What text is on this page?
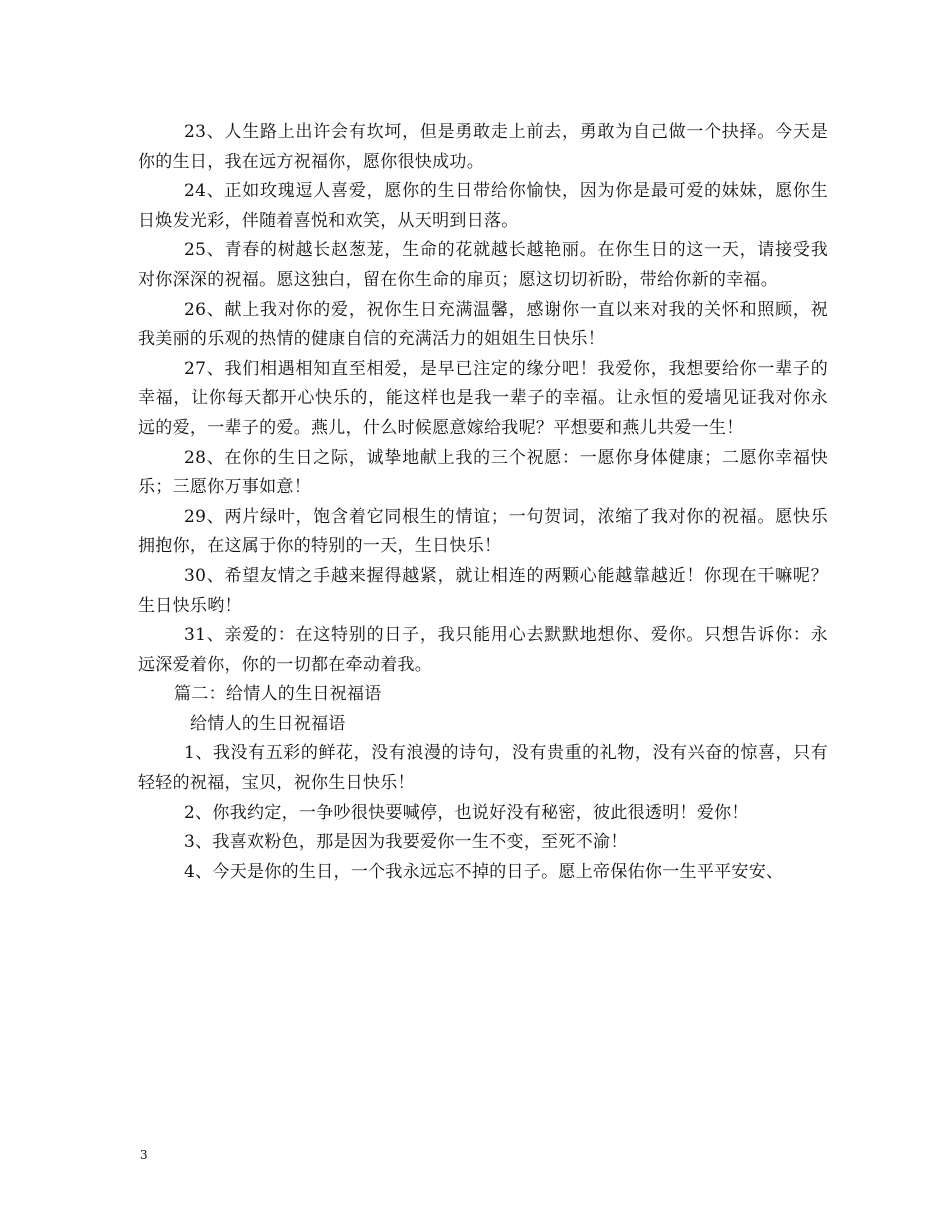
23、人生路上出许会有坎坷，但是勇敢走上前去，勇敢为自己做一个抉择。今天是你的生日，我在远方祝福你，愿你很快成功。

24、正如玫瑰逗人喜爱，愿你的生日带给你愉快，因为你是最可爱的妹妹，愿你生日焕发光彩，伴随着喜悦和欢笑，从天明到日落。

25、青春的树越长赵葱茏，生命的花就越长越艳丽。在你生日的这一天，请接受我对你深深的祝福。愿这独白，留在你生命的扉页；愿这切切祈盼，带给你新的幸福。

26、献上我对你的爱，祝你生日充满温馨，感谢你一直以来对我的关怀和照顾，祝我美丽的乐观的热情的健康自信的充满活力的姐姐生日快乐！

27、我们相遇相知直至相爱，是早已注定的缘分吧！我爱你，我想要给你一辈子的幸福，让你每天都开心快乐的，能这样也是我一辈子的幸福。让永恒的爱墙见证我对你永远的爱，一辈子的爱。燕儿，什么时候愿意嫁给我呢？平想要和燕儿共爱一生！

28、在你的生日之际，诚挚地献上我的三个祝愿：一愿你身体健康；二愿你幸福快乐；三愿你万事如意！

29、两片绿叶，饱含着它同根生的情谊；一句贺词，浓缩了我对你的祝福。愿快乐拥抱你，在这属于你的特别的一天，生日快乐！

30、希望友情之手越来握得越紧，就让相连的两颗心能越靠越近！你现在干嘛呢？生日快乐哟！

31、亲爱的：在这特别的日子，我只能用心去默默地想你、爱你。只想告诉你：永远深爱着你，你的一切都在牵动着我。

篇二：给情人的生日祝福语

给情人的生日祝福语

1、我没有五彩的鲜花，没有浪漫的诗句，没有贵重的礼物，没有兴奋的惊喜，只有轻轻的祝福，宝贝，祝你生日快乐！

2、你我约定，一争吵很快要喊停，也说好没有秘密，彼此很透明！爱你！

3、我喜欢粉色，那是因为我要爱你一生不变，至死不渝！

4、今天是你的生日，一个我永远忘不掉的日子。愿上帝保佑你一生平平安安、

3
